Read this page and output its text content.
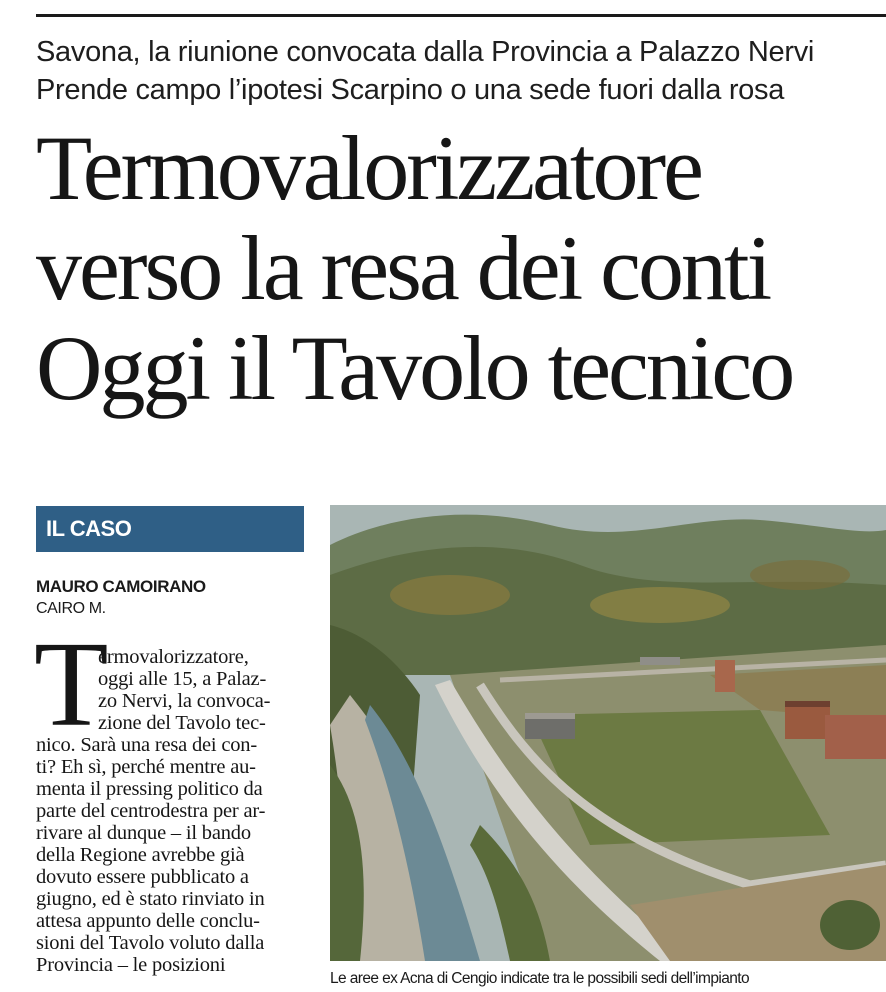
Savona, la riunione convocata dalla Provincia a Palazzo Nervi
Prende campo l’ipotesi Scarpino o una sede fuori dalla rosa
Termovalorizzatore
verso la resa dei conti
Oggi il Tavolo tecnico
IL CASO
MAURO CAMOIRANO
CAIRO M.
T
ermovalorizzatore,
oggi alle 15, a Palaz-
zo Nervi, la convoca-
zione del Tavolo tec-
nico. Sarà una resa dei con-
ti? Eh sì, perché mentre au-
menta il pressing politico da
parte del centrodestra per ar-
rivare al dunque – il bando
della Regione avrebbe già
dovuto essere pubblicato a
giugno, ed è stato rinviato in
attesa appunto delle conclu-
sioni del Tavolo voluto dalla
Provincia – le posizioni
Le aree ex Acna di Cengio indicate tra le possibili sedi dell’impianto
